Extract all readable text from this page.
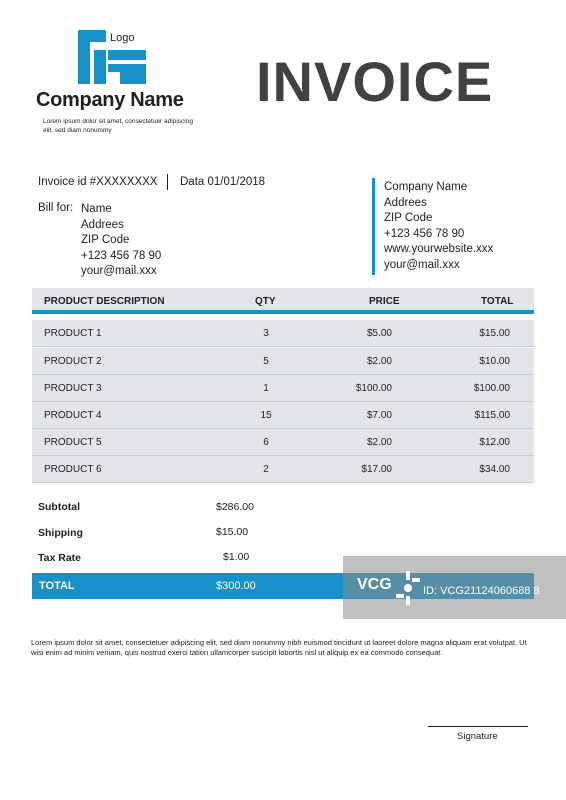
Logo
Company Name
Lorem ipsum dolor sit amet, consectetuer adipiscing elit, sed diam nonummy
INVOICE
Invoice id #XXXXXXXX Data 01/01/2018
Bill for: Name
Addrees
ZIP Code
+123 456 78 90
your@mail.xxx
Company Name
Addrees
ZIP Code
+123 456 78 90
www.yourwebsite.xxx
your@mail.xxx
PRODUCT DESCRIPTION	QTY	PRICE	TOTAL
PRODUCT 1	3	$5.00	$15.00
PRODUCT 2	5	$2.00	$10.00
PRODUCT 3	1	$100.00	$100.00
PRODUCT 4	15	$7.00	$115.00
PRODUCT 5	6	$2.00	$12.00
PRODUCT 6	2	$17.00	$34.00
Subtotal	$286.00
Shipping	$15.00
Tax Rate	$1.00
TOTAL	$300.00	VCG	ID: VCG21124060688 8
Lorem ipsum dolor sit amet, consectetuer adipiscing elit, sed diam nonummy nibh euismod tincidunt ut laoreet dolore magna aliquam erat volutpat. Ut wisi enim ad minim veniam, quis nostrud exerci tation ullamcorper suscipit lobortis nisl ut aliquip ex ea commodo consequat.
Signature
